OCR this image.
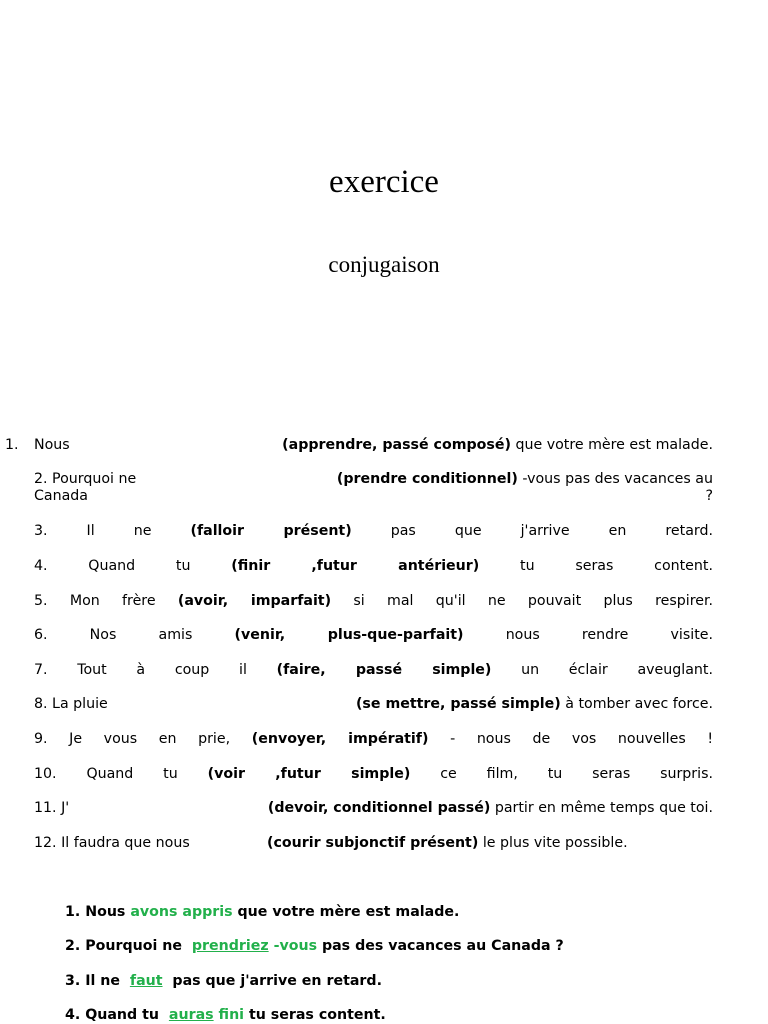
exercice
conjugaison
1. Nous	(apprendre, passé composé) que votre mère est malade.
2. Pourquoi ne	(prendre conditionnel) -vous pas des vacances au
Canada	?
3. Il ne	(falloir présent)	pas que j'arrive en retard.
4. Quand tu	(finir ,futur antérieur)	tu seras content.
5. Mon frère (avoir, imparfait) si mal qu'il ne pouvait plus respirer.
6. Nos amis	(venir, plus-que-parfait)	nous rendre visite.
7. Tout à coup il (faire, passé simple) un éclair aveuglant.
8. La pluie	(se mettre, passé simple) à tomber avec force.
9. Je vous en prie, (envoyer, impératif) - nous de vos nouvelles !
10. Quand tu (voir ,futur simple) ce film, tu seras surpris.
11. J'	(devoir, conditionnel passé) partir en même temps que toi.
12. Il faudra que nous	(courir subjonctif présent) le plus vite possible.
1. Nous avons appris que votre mère est malade.
2. Pourquoi ne  prendriez -vous pas des vacances au Canada ?
3. Il ne  faut  pas que j'arrive en retard.
4. Quand tu  auras fini tu seras content.
